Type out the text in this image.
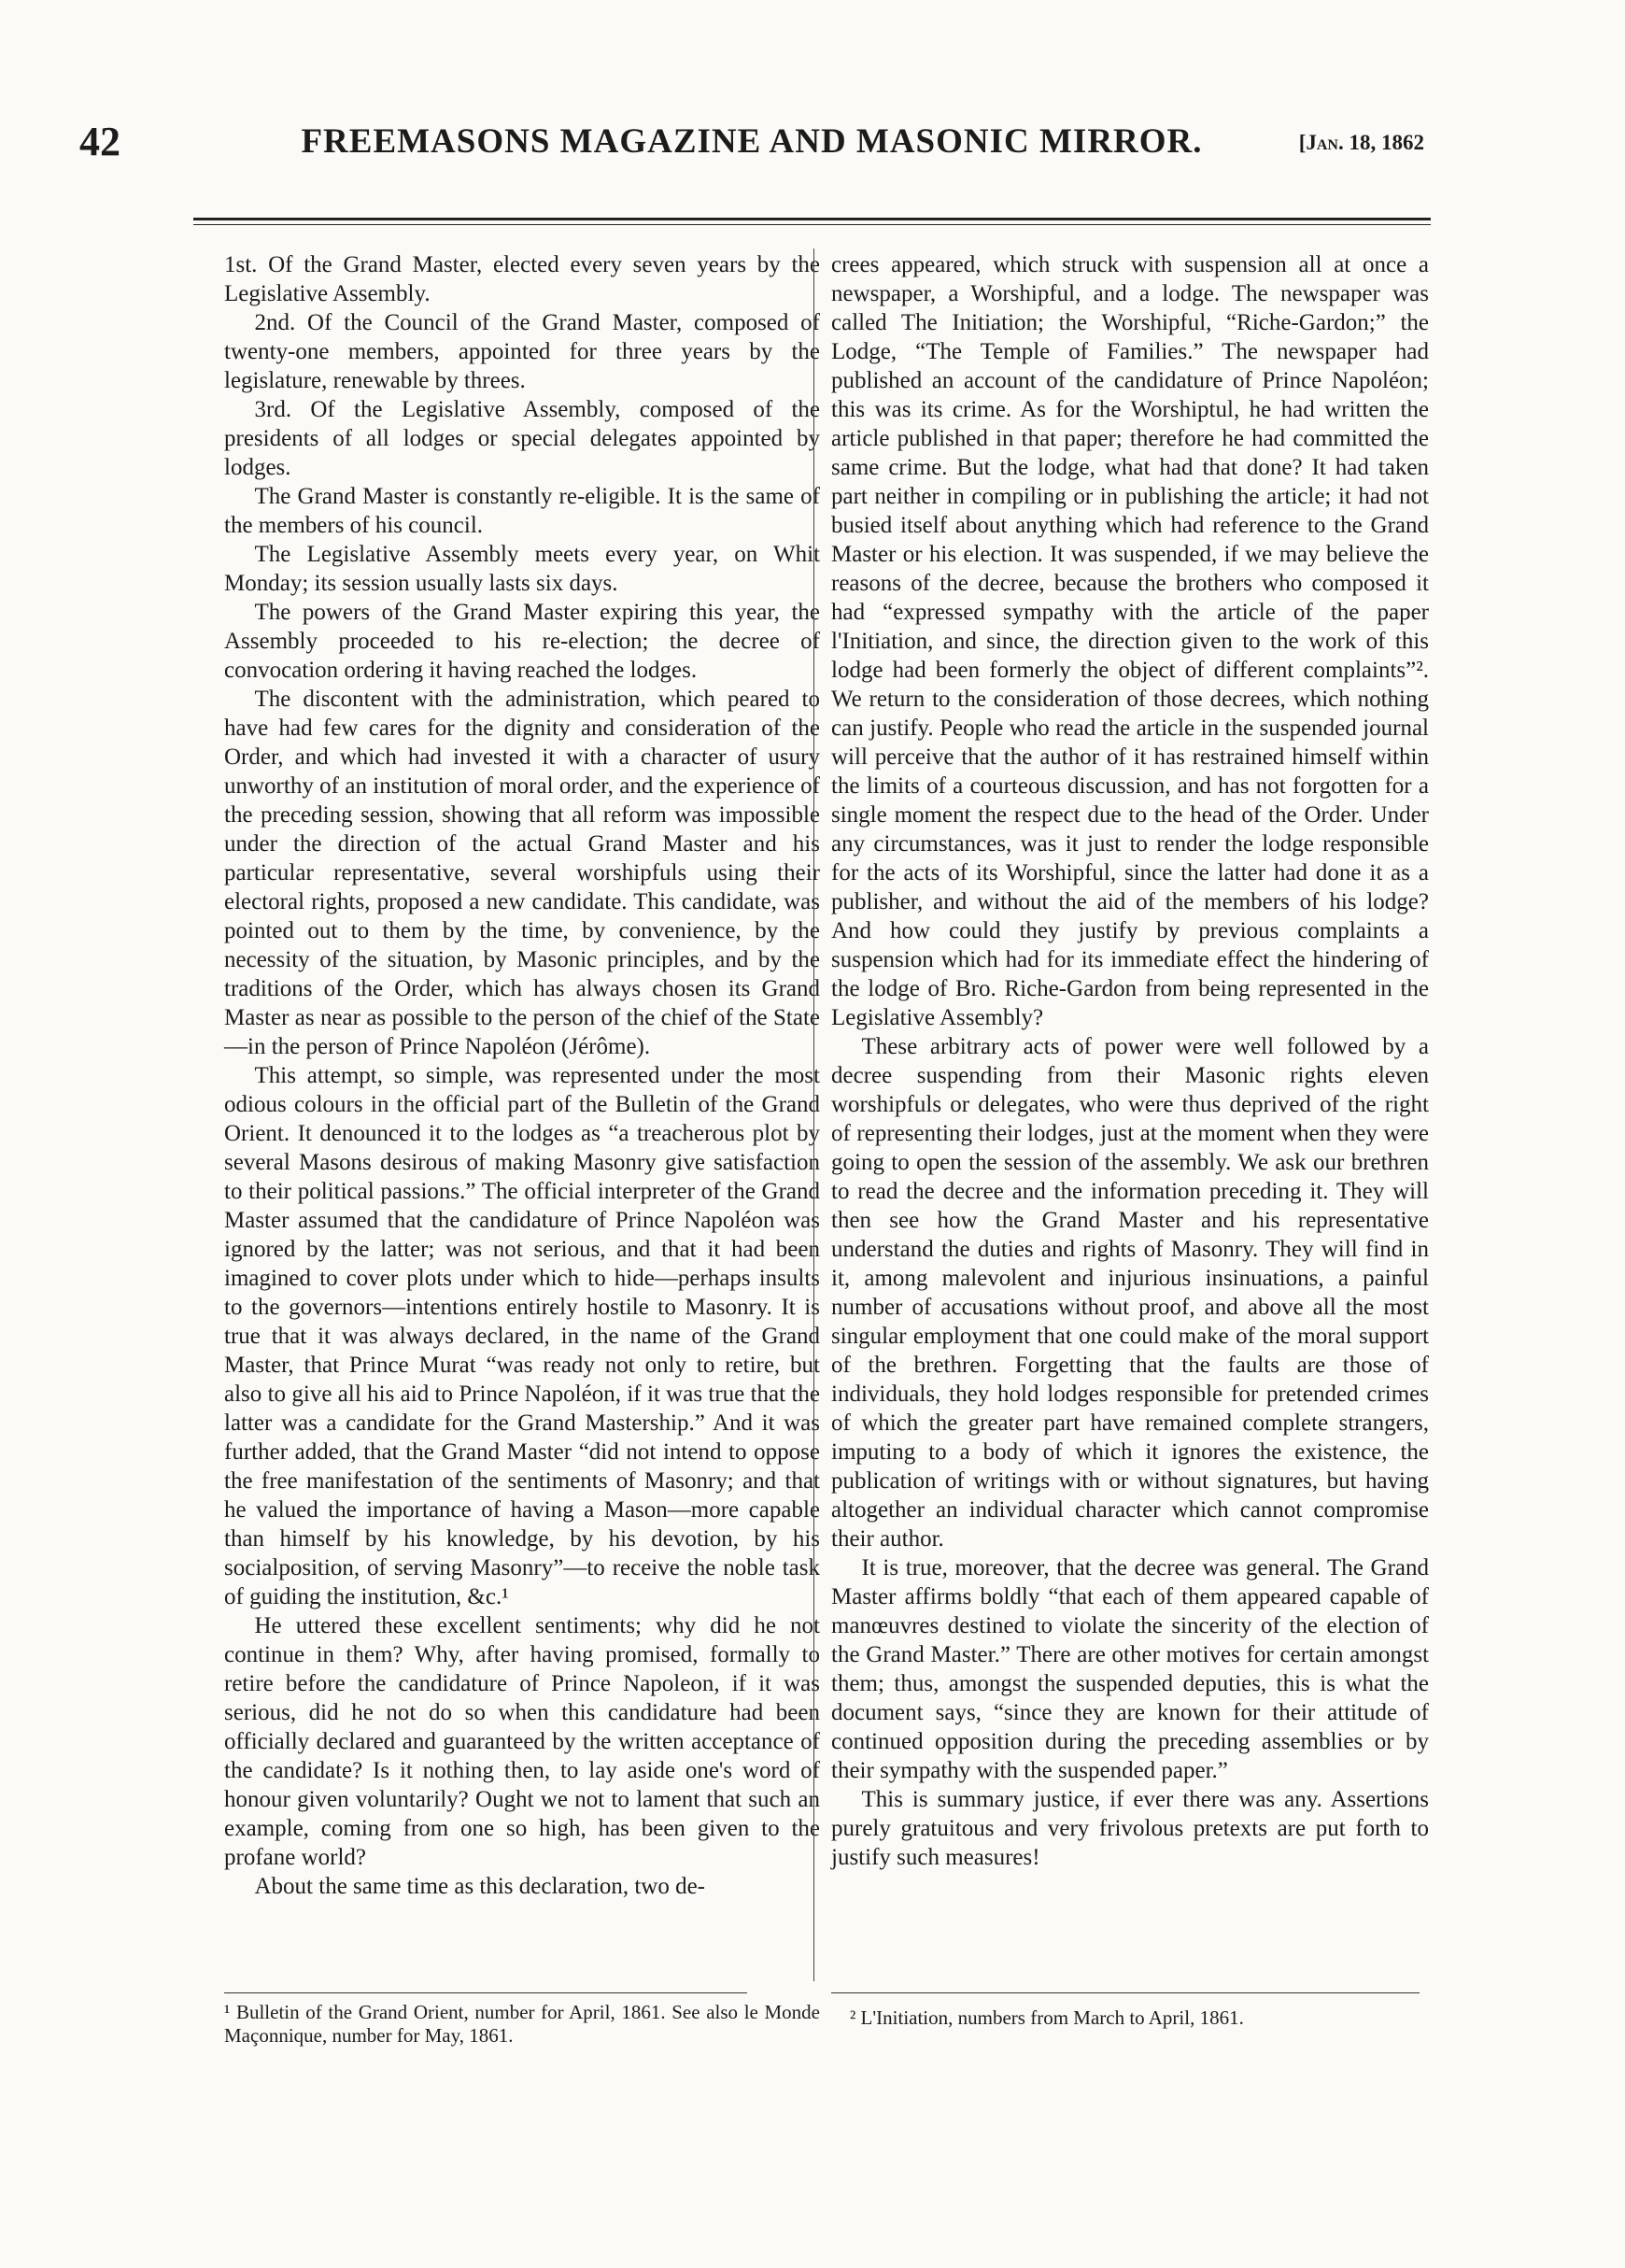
42	FREEMASONS MAGAZINE AND MASONIC MIRROR.	[Jan. 18, 1862

1st. Of the Grand Master, elected every seven years by the Legislative Assembly.

2nd. Of the Council of the Grand Master, composed of twenty-one members, appointed for three years by the legislature, renewable by threes.

3rd. Of the Legislative Assembly, composed of the presidents of all lodges or special delegates appointed by lodges.

The Grand Master is constantly re-eligible. It is the same of the members of his council.

The Legislative Assembly meets every year, on Whit Monday; its session usually lasts six days.

The powers of the Grand Master expiring this year, the Assembly proceeded to his re-election; the decree of convocation ordering it having reached the lodges.

The discontent with the administration, which peared to have had few cares for the dignity and consideration of the Order, and which had invested it with a character of usury unworthy of an institution of moral order, and the experience of the preceding session, showing that all reform was impossible under the direction of the actual Grand Master and his particular representative, several worshipfuls using their electoral rights, proposed a new candidate. This candidate, was pointed out to them by the time, by convenience, by the necessity of the situation, by Masonic principles, and by the traditions of the Order, which has always chosen its Grand Master as near as possible to the person of the chief of the State—in the person of Prince Napoléon (Jérôme).

This attempt, so simple, was represented under the most odious colours in the official part of the Bulletin of the Grand Orient. It denounced it to the lodges as “a treacherous plot by several Masons desirous of making Masonry give satisfaction to their political passions.” The official interpreter of the Grand Master assumed that the candidature of Prince Napoléon was ignored by the latter; was not serious, and that it had been imagined to cover plots under which to hide—perhaps insults to the governors—intentions entirely hostile to Masonry. It is true that it was always declared, in the name of the Grand Master, that Prince Murat “was ready not only to retire, but also to give all his aid to Prince Napoléon, if it was true that the latter was a candidate for the Grand Mastership.” And it was further added, that the Grand Master “did not intend to oppose the free manifestation of the sentiments of Masonry; and that he valued the importance of having a Mason—more capable than himself by his knowledge, by his devotion, by his socialposition, of serving Masonry”—to receive the noble task of guiding the institution, &c.¹

He uttered these excellent sentiments; why did he not continue in them? Why, after having promised, formally to retire before the candidature of Prince Napoleon, if it was serious, did he not do so when this candidature had been officially declared and guaranteed by the written acceptance of the candidate? Is it nothing then, to lay aside one's word of honour given voluntarily? Ought we not to lament that such an example, coming from one so high, has been given to the profane world?

About the same time as this declaration, two de-

crees appeared, which struck with suspension all at once a newspaper, a Worshipful, and a lodge. The newspaper was called The Initiation; the Worshipful, “Riche-Gardon;” the Lodge, “The Temple of Families.” The newspaper had published an account of the candidature of Prince Napoléon; this was its crime. As for the Worshiptul, he had written the article published in that paper; therefore he had committed the same crime. But the lodge, what had that done? It had taken part neither in compiling or in publishing the article; it had not busied itself about anything which had reference to the Grand Master or his election. It was suspended, if we may believe the reasons of the decree, because the brothers who composed it had “expressed sympathy with the article of the paper l'Initiation, and since, the direction given to the work of this lodge had been formerly the object of different complaints”². We return to the consideration of those decrees, which nothing can justify. People who read the article in the suspended journal will perceive that the author of it has restrained himself within the limits of a courteous discussion, and has not forgotten for a single moment the respect due to the head of the Order. Under any circumstances, was it just to render the lodge responsible for the acts of its Worshipful, since the latter had done it as a publisher, and without the aid of the members of his lodge? And how could they justify by previous complaints a suspension which had for its immediate effect the hindering of the lodge of Bro. Riche-Gardon from being represented in the Legislative Assembly?

These arbitrary acts of power were well followed by a decree suspending from their Masonic rights eleven worshipfuls or delegates, who were thus deprived of the right of representing their lodges, just at the moment when they were going to open the session of the assembly. We ask our brethren to read the decree and the information preceding it. They will then see how the Grand Master and his representative understand the duties and rights of Masonry. They will find in it, among malevolent and injurious insinuations, a painful number of accusations without proof, and above all the most singular employment that one could make of the moral support of the brethren. Forgetting that the faults are those of individuals, they hold lodges responsible for pretended crimes of which the greater part have remained complete strangers, imputing to a body of which it ignores the existence, the publication of writings with or without signatures, but having altogether an individual character which cannot compromise their author.

It is true, moreover, that the decree was general. The Grand Master affirms boldly “that each of them appeared capable of manœuvres destined to violate the sincerity of the election of the Grand Master.” There are other motives for certain amongst them; thus, amongst the suspended deputies, this is what the document says, “since they are known for their attitude of continued opposition during the preceding assemblies or by their sympathy with the suspended paper.”

This is summary justice, if ever there was any. Assertions purely gratuitous and very frivolous pretexts are put forth to justify such measures!

¹ Bulletin of the Grand Orient, number for April, 1861. See also le Monde Maçonnique, number for May, 1861.
² L'Initiation, numbers from March to April, 1861.
